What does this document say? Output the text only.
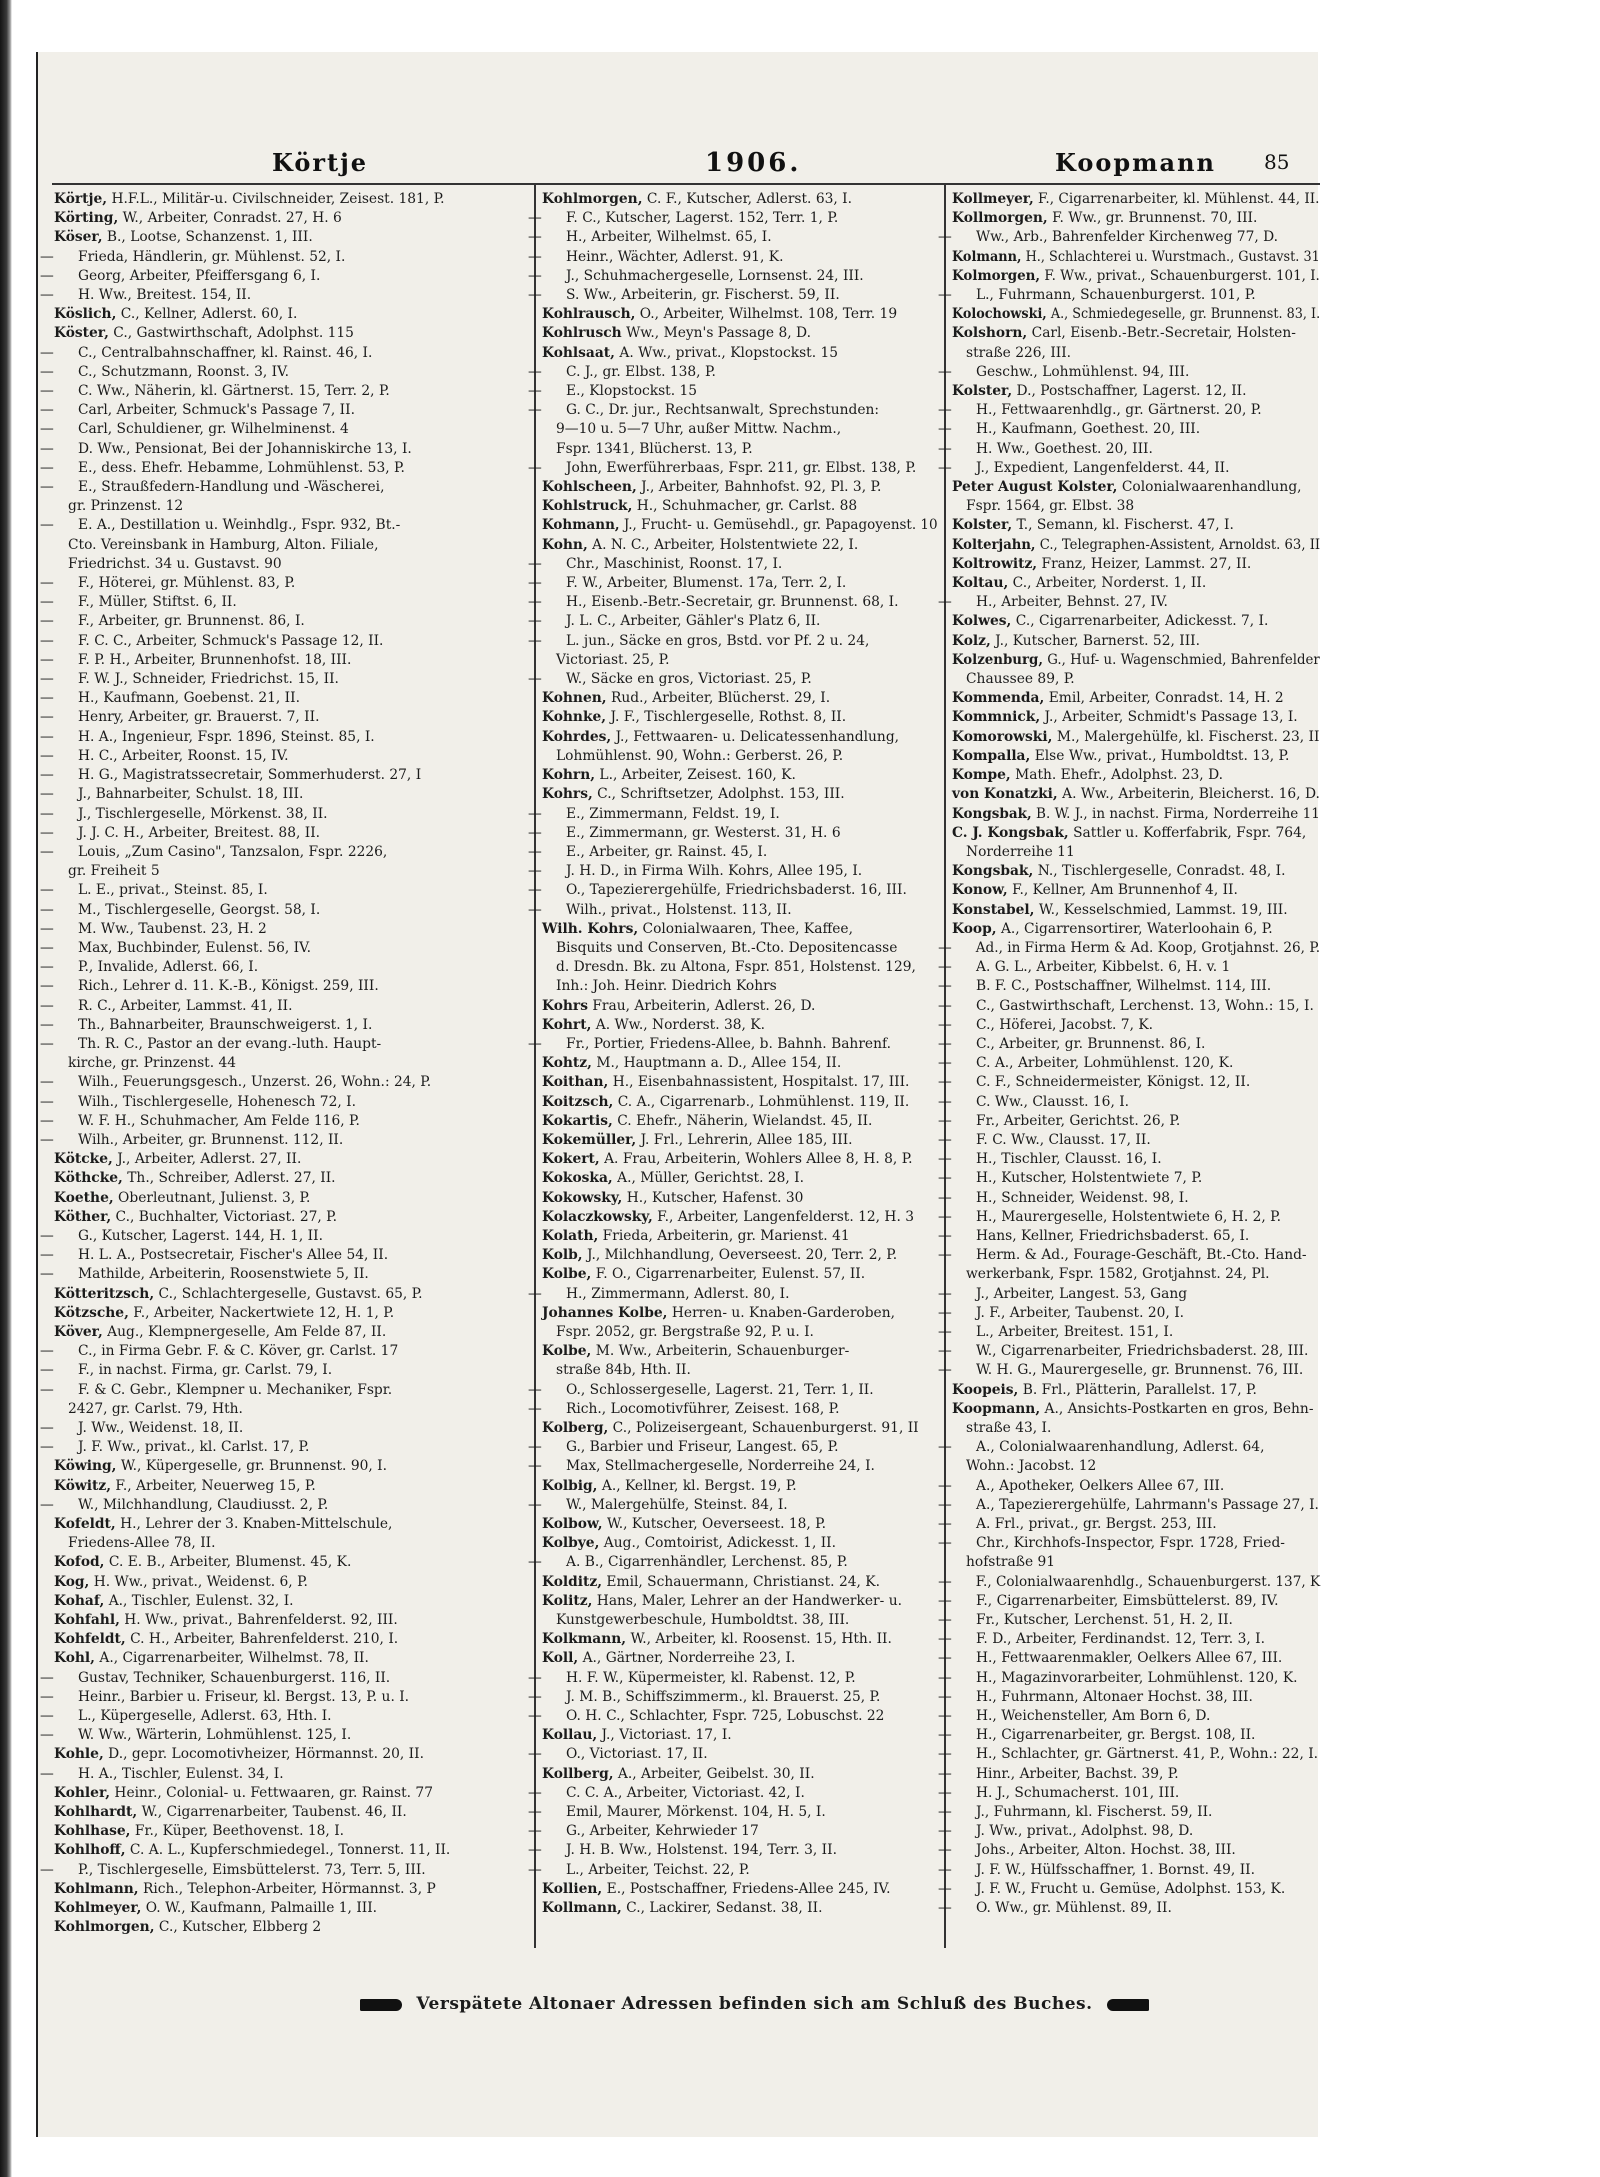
Körtje	1906.	Koopmann 85
Körtje, H.F.L., Militär-u. Civilschneider, Zeisest. 181, P.
Körting, W., Arbeiter, Conradst. 27, H. 6
Köser, B., Lootse, Schanzenst. 1, III.
— Frieda, Händlerin, gr. Mühlenst. 52, I.
— Georg, Arbeiter, Pfeiffersgang 6, I.
— H. Ww., Breitest. 154, II.
Köslich, C., Kellner, Adlerst. 60, I.
Köster, C., Gastwirthschaft, Adolphst. 115
— C., Centralbahnschaffner, kl. Rainst. 46, I.
— C., Schutzmann, Roonst. 3, IV.
— C. Ww., Näherin, kl. Gärtnerst. 15, Terr. 2, P.
— Carl, Arbeiter, Schmuck's Passage 7, II.
— Carl, Schuldiener, gr. Wilhelminenst. 4
— D. Ww., Pensionat, Bei der Johanniskirche 13, I.
— E., dess. Ehefr. Hebamme, Lohmühlenst. 53, P.
— E., Straußfedern-Handlung und -Wäscherei,
gr. Prinzenst. 12
— E. A., Destillation u. Weinhdlg., Fspr. 932, Bt.-
Cto. Vereinsbank in Hamburg, Alton. Filiale,
Friedrichst. 34 u. Gustavst. 90
— F., Höterei, gr. Mühlenst. 83, P.
— F., Müller, Stiftst. 6, II.
— F., Arbeiter, gr. Brunnenst. 86, I.
— F. C. C., Arbeiter, Schmuck's Passage 12, II.
— F. P. H., Arbeiter, Brunnenhofst. 18, III.
— F. W. J., Schneider, Friedrichst. 15, II.
— H., Kaufmann, Goebenst. 21, II.
— Henry, Arbeiter, gr. Brauerst. 7, II.
— H. A., Ingenieur, Fspr. 1896, Steinst. 85, I.
— H. C., Arbeiter, Roonst. 15, IV.
— H. G., Magistratssecretair, Sommerhuderst. 27, I
— J., Bahnarbeiter, Schulst. 18, III.
— J., Tischlergeselle, Mörkenst. 38, II.
— J. J. C. H., Arbeiter, Breitest. 88, II.
— Louis, „Zum Casino", Tanzsalon, Fspr. 2226,
gr. Freiheit 5
— L. E., privat., Steinst. 85, I.
— M., Tischlergeselle, Georgst. 58, I.
— M. Ww., Taubenst. 23, H. 2
— Max, Buchbinder, Eulenst. 56, IV.
— P., Invalide, Adlerst. 66, I.
— Rich., Lehrer d. 11. K.-B., Königst. 259, III.
— R. C., Arbeiter, Lammst. 41, II.
— Th., Bahnarbeiter, Braunschweigerst. 1, I.
— Th. R. C., Pastor an der evang.-luth. Haupt-
kirche, gr. Prinzenst. 44
— Wilh., Feuerungsgesch., Unzerst. 26, Wohn.: 24, P.
— Wilh., Tischlergeselle, Hohenesch 72, I.
— W. F. H., Schuhmacher, Am Felde 116, P.
— Wilh., Arbeiter, gr. Brunnenst. 112, II.
Kötcke, J., Arbeiter, Adlerst. 27, II.
Köthcke, Th., Schreiber, Adlerst. 27, II.
Koethe, Oberleutnant, Julienst. 3, P.
Köther, C., Buchhalter, Victoriast. 27, P.
— G., Kutscher, Lagerst. 144, H. 1, II.
— H. L. A., Postsecretair, Fischer's Allee 54, II.
— Mathilde, Arbeiterin, Roosenstwiete 5, II.
Kötteritzsch, C., Schlachtergeselle, Gustavst. 65, P.
Kötzsche, F., Arbeiter, Nackertwiete 12, H. 1, P.
Köver, Aug., Klempnergeselle, Am Felde 87, II.
— C., in Firma Gebr. F. & C. Köver, gr. Carlst. 17
— F., in nachst. Firma, gr. Carlst. 79, I.
— F. & C. Gebr., Klempner u. Mechaniker, Fspr.
2427, gr. Carlst. 79, Hth.
— J. Ww., Weidenst. 18, II.
— J. F. Ww., privat., kl. Carlst. 17, P.
Köwing, W., Küpergeselle, gr. Brunnenst. 90, I.
Köwitz, F., Arbeiter, Neuerweg 15, P.
— W., Milchhandlung, Claudiusst. 2, P.
Kofeldt, H., Lehrer der 3. Knaben-Mittelschule,
Friedens-Allee 78, II.
Kofod, C. E. B., Arbeiter, Blumenst. 45, K.
Kog, H. Ww., privat., Weidenst. 6, P.
Kohaf, A., Tischler, Eulenst. 32, I.
Kohfahl, H. Ww., privat., Bahrenfelderst. 92, III.
Kohfeldt, C. H., Arbeiter, Bahrenfelderst. 210, I.
Kohl, A., Cigarrenarbeiter, Wilhelmst. 78, II.
— Gustav, Techniker, Schauenburgerst. 116, II.
— Heinr., Barbier u. Friseur, kl. Bergst. 13, P. u. I.
— L., Küpergeselle, Adlerst. 63, Hth. I.
— W. Ww., Wärterin, Lohmühlenst. 125, I.
Kohle, D., gepr. Locomotivheizer, Hörmannst. 20, II.
— H. A., Tischler, Eulenst. 34, I.
Kohler, Heinr., Colonial- u. Fettwaaren, gr. Rainst. 77
Kohlhardt, W., Cigarrenarbeiter, Taubenst. 46, II.
Kohlhase, Fr., Küper, Beethovenst. 18, I.
Kohlhoff, C. A. L., Kupferschmiedegel., Tonnerst. 11, II.
— P., Tischlergeselle, Eimsbüttelerst. 73, Terr. 5, III.
Kohlmann, Rich., Telephon-Arbeiter, Hörmannst. 3, P
Kohlmeyer, O. W., Kaufmann, Palmaille 1, III.
Kohlmorgen, C., Kutscher, Elbberg 2
Kohlmorgen, C. F., Kutscher, Adlerst. 63, I.
— F. C., Kutscher, Lagerst. 152, Terr. 1, P.
— H., Arbeiter, Wilhelmst. 65, I.
— Heinr., Wächter, Adlerst. 91, K.
— J., Schuhmachergeselle, Lornsenst. 24, III.
— S. Ww., Arbeiterin, gr. Fischerst. 59, II.
Kohlrausch, O., Arbeiter, Wilhelmst. 108, Terr. 19
Kohlrusch Ww., Meyn's Passage 8, D.
Kohlsaat, A. Ww., privat., Klopstockst. 15
— C. J., gr. Elbst. 138, P.
— E., Klopstockst. 15
— G. C., Dr. jur., Rechtsanwalt, Sprechstunden:
9—10 u. 5—7 Uhr, außer Mittw. Nachm.,
Fspr. 1341, Blücherst. 13, P.
— John, Ewerführerbaas, Fspr. 211, gr. Elbst. 138, P.
Kohlscheen, J., Arbeiter, Bahnhofst. 92, Pl. 3, P.
Kohlstruck, H., Schuhmacher, gr. Carlst. 88
Kohmann, J., Frucht- u. Gemüsehdl., gr. Papagoyenst. 10
Kohn, A. N. C., Arbeiter, Holstentwiete 22, I.
— Chr., Maschinist, Roonst. 17, I.
— F. W., Arbeiter, Blumenst. 17a, Terr. 2, I.
— H., Eisenb.-Betr.-Secretair, gr. Brunnenst. 68, I.
— J. L. C., Arbeiter, Gähler's Platz 6, II.
— L. jun., Säcke en gros, Bstd. vor Pf. 2 u. 24,
Victoriast. 25, P.
— W., Säcke en gros, Victoriast. 25, P.
Kohnen, Rud., Arbeiter, Blücherst. 29, I.
Kohnke, J. F., Tischlergeselle, Rothst. 8, II.
Kohrdes, J., Fettwaaren- u. Delicatessenhandlung,
Lohmühlenst. 90, Wohn.: Gerberst. 26, P.
Kohrn, L., Arbeiter, Zeisest. 160, K.
Kohrs, C., Schriftsetzer, Adolphst. 153, III.
— E., Zimmermann, Feldst. 19, I.
— E., Zimmermann, gr. Westerst. 31, H. 6
— E., Arbeiter, gr. Rainst. 45, I.
— J. H. D., in Firma Wilh. Kohrs, Allee 195, I.
— O., Tapezierergehülfe, Friedrichsbaderst. 16, III.
— Wilh., privat., Holstenst. 113, II.
Wilh. Kohrs, Colonialwaaren, Thee, Kaffee,
Bisquits und Conserven, Bt.-Cto. Depositencasse
d. Dresdn. Bk. zu Altona, Fspr. 851, Holstenst. 129,
Inh.: Joh. Heinr. Diedrich Kohrs
Kohrs Frau, Arbeiterin, Adlerst. 26, D.
Kohrt, A. Ww., Norderst. 38, K.
— Fr., Portier, Friedens-Allee, b. Bahnh. Bahrenf.
Kohtz, M., Hauptmann a. D., Allee 154, II.
Koithan, H., Eisenbahnassistent, Hospitalst. 17, III.
Koitzsch, C. A., Cigarrenarb., Lohmühlenst. 119, II.
Kokartis, C. Ehefr., Näherin, Wielandst. 45, II.
Kokemüller, J. Frl., Lehrerin, Allee 185, III.
Kokert, A. Frau, Arbeiterin, Wohlers Allee 8, H. 8, P.
Kokoska, A., Müller, Gerichtst. 28, I.
Kokowsky, H., Kutscher, Hafenst. 30
Kolaczkowsky, F., Arbeiter, Langenfelderst. 12, H. 3
Kolath, Frieda, Arbeiterin, gr. Marienst. 41
Kolb, J., Milchhandlung, Oeverseest. 20, Terr. 2, P.
Kolbe, F. O., Cigarrenarbeiter, Eulenst. 57, II.
— H., Zimmermann, Adlerst. 80, I.
Johannes Kolbe, Herren- u. Knaben-Garderoben,
Fspr. 2052, gr. Bergstraße 92, P. u. I.
Kolbe, M. Ww., Arbeiterin, Schauenburger-
straße 84b, Hth. II.
— O., Schlossergeselle, Lagerst. 21, Terr. 1, II.
— Rich., Locomotivführer, Zeisest. 168, P.
Kolberg, C., Polizeisergeant, Schauenburgerst. 91, II
— G., Barbier und Friseur, Langest. 65, P.
— Max, Stellmachergeselle, Norderreihe 24, I.
Kolbig, A., Kellner, kl. Bergst. 19, P.
— W., Malergehülfe, Steinst. 84, I.
Kolbow, W., Kutscher, Oeverseest. 18, P.
Kolbye, Aug., Comtoirist, Adickesst. 1, II.
— A. B., Cigarrenhändler, Lerchenst. 85, P.
Kolditz, Emil, Schauermann, Christianst. 24, K.
Kolitz, Hans, Maler, Lehrer an der Handwerker- u.
Kunstgewerbeschule, Humboldtst. 38, III.
Kolkmann, W., Arbeiter, kl. Roosenst. 15, Hth. II.
Koll, A., Gärtner, Norderreihe 23, I.
— H. F. W., Küpermeister, kl. Rabenst. 12, P.
— J. M. B., Schiffszimmerm., kl. Brauerst. 25, P.
— O. H. C., Schlachter, Fspr. 725, Lobuschst. 22
Kollau, J., Victoriast. 17, I.
— O., Victoriast. 17, II.
Kollberg, A., Arbeiter, Geibelst. 30, II.
— C. C. A., Arbeiter, Victoriast. 42, I.
— Emil, Maurer, Mörkenst. 104, H. 5, I.
— G., Arbeiter, Kehrwieder 17
— J. H. B. Ww., Holstenst. 194, Terr. 3, II.
— L., Arbeiter, Teichst. 22, P.
Kollien, E., Postschaffner, Friedens-Allee 245, IV.
Kollmann, C., Lackirer, Sedanst. 38, II.
Kollmeyer, F., Cigarrenarbeiter, kl. Mühlenst. 44, II.
Kollmorgen, F. Ww., gr. Brunnenst. 70, III.
— Ww., Arb., Bahrenfelder Kirchenweg 77, D.
Kolmann, H., Schlachterei u. Wurstmach., Gustavst. 31
Kolmorgen, F. Ww., privat., Schauenburgerst. 101, I.
— L., Fuhrmann, Schauenburgerst. 101, P.
Kolochowski, A., Schmiedegeselle, gr. Brunnenst. 83, I.
Kolshorn, Carl, Eisenb.-Betr.-Secretair, Holsten-
straße 226, III.
— Geschw., Lohmühlenst. 94, III.
Kolster, D., Postschaffner, Lagerst. 12, II.
— H., Fettwaarenhdlg., gr. Gärtnerst. 20, P.
— H., Kaufmann, Goethest. 20, III.
— H. Ww., Goethest. 20, III.
— J., Expedient, Langenfelderst. 44, II.
Peter August Kolster, Colonialwaarenhandlung,
Fspr. 1564, gr. Elbst. 38
Kolster, T., Semann, kl. Fischerst. 47, I.
Kolterjahn, C., Telegraphen-Assistent, Arnoldst. 63, II
Koltrowitz, Franz, Heizer, Lammst. 27, II.
Koltau, C., Arbeiter, Norderst. 1, II.
— H., Arbeiter, Behnst. 27, IV.
Kolwes, C., Cigarrenarbeiter, Adickesst. 7, I.
Kolz, J., Kutscher, Barnerst. 52, III.
Kolzenburg, G., Huf- u. Wagenschmied, Bahrenfelder
Chaussee 89, P.
Kommenda, Emil, Arbeiter, Conradst. 14, H. 2
Kommnick, J., Arbeiter, Schmidt's Passage 13, I.
Komorowski, M., Malergehülfe, kl. Fischerst. 23, II
Kompalla, Else Ww., privat., Humboldtst. 13, P.
Kompe, Math. Ehefr., Adolphst. 23, D.
von Konatzki, A. Ww., Arbeiterin, Bleicherst. 16, D.
Kongsbak, B. W. J., in nachst. Firma, Norderreihe 11
C. J. Kongsbak, Sattler u. Kofferfabrik, Fspr. 764,
Norderreihe 11
Kongsbak, N., Tischlergeselle, Conradst. 48, I.
Konow, F., Kellner, Am Brunnenhof 4, II.
Konstabel, W., Kesselschmied, Lammst. 19, III.
Koop, A., Cigarrensortirer, Waterloohain 6, P.
— Ad., in Firma Herm & Ad. Koop, Grotjahnst. 26, P.
— A. G. L., Arbeiter, Kibbelst. 6, H. v. 1
— B. F. C., Postschaffner, Wilhelmst. 114, III.
— C., Gastwirthschaft, Lerchenst. 13, Wohn.: 15, I.
— C., Höferei, Jacobst. 7, K.
— C., Arbeiter, gr. Brunnenst. 86, I.
— C. A., Arbeiter, Lohmühlenst. 120, K.
— C. F., Schneidermeister, Königst. 12, II.
— C. Ww., Clausst. 16, I.
— Fr., Arbeiter, Gerichtst. 26, P.
— F. C. Ww., Clausst. 17, II.
— H., Tischler, Clausst. 16, I.
— H., Kutscher, Holstentwiete 7, P.
— H., Schneider, Weidenst. 98, I.
— H., Maurergeselle, Holstentwiete 6, H. 2, P.
— Hans, Kellner, Friedrichsbaderst. 65, I.
— Herm. & Ad., Fourage-Geschäft, Bt.-Cto. Hand-
werkerbank, Fspr. 1582, Grotjahnst. 24, Pl.
— J., Arbeiter, Langest. 53, Gang
— J. F., Arbeiter, Taubenst. 20, I.
— L., Arbeiter, Breitest. 151, I.
— W., Cigarrenarbeiter, Friedrichsbaderst. 28, III.
— W. H. G., Maurergeselle, gr. Brunnenst. 76, III.
Koopeis, B. Frl., Plätterin, Parallelst. 17, P.
Koopmann, A., Ansichts-Postkarten en gros, Behn-
straße 43, I.
— A., Colonialwaarenhandlung, Adlerst. 64,
Wohn.: Jacobst. 12
— A., Apotheker, Oelkers Allee 67, III.
— A., Tapezierergehülfe, Lahrmann's Passage 27, I.
— A. Frl., privat., gr. Bergst. 253, III.
— Chr., Kirchhofs-Inspector, Fspr. 1728, Fried-
hofstraße 91
— F., Colonialwaarenhdlg., Schauenburgerst. 137, K
— F., Cigarrenarbeiter, Eimsbüttelerst. 89, IV.
— Fr., Kutscher, Lerchenst. 51, H. 2, II.
— F. D., Arbeiter, Ferdinandst. 12, Terr. 3, I.
— H., Fettwaarenmakler, Oelkers Allee 67, III.
— H., Magazinvorarbeiter, Lohmühlenst. 120, K.
— H., Fuhrmann, Altonaer Hochst. 38, III.
— H., Weichensteller, Am Born 6, D.
— H., Cigarrenarbeiter, gr. Bergst. 108, II.
— H., Schlachter, gr. Gärtnerst. 41, P., Wohn.: 22, I.
— Hinr., Arbeiter, Bachst. 39, P.
— H. J., Schumacherst. 101, III.
— J., Fuhrmann, kl. Fischerst. 59, II.
— J. Ww., privat., Adolphst. 98, D.
— Johs., Arbeiter, Alton. Hochst. 38, III.
— J. F. W., Hülfsschaffner, 1. Bornst. 49, II.
— J. F. W., Frucht u. Gemüse, Adolphst. 153, K.
— O. Ww., gr. Mühlenst. 89, II.
Verspätete Altonaer Adressen befinden sich am Schluß des Buches.
